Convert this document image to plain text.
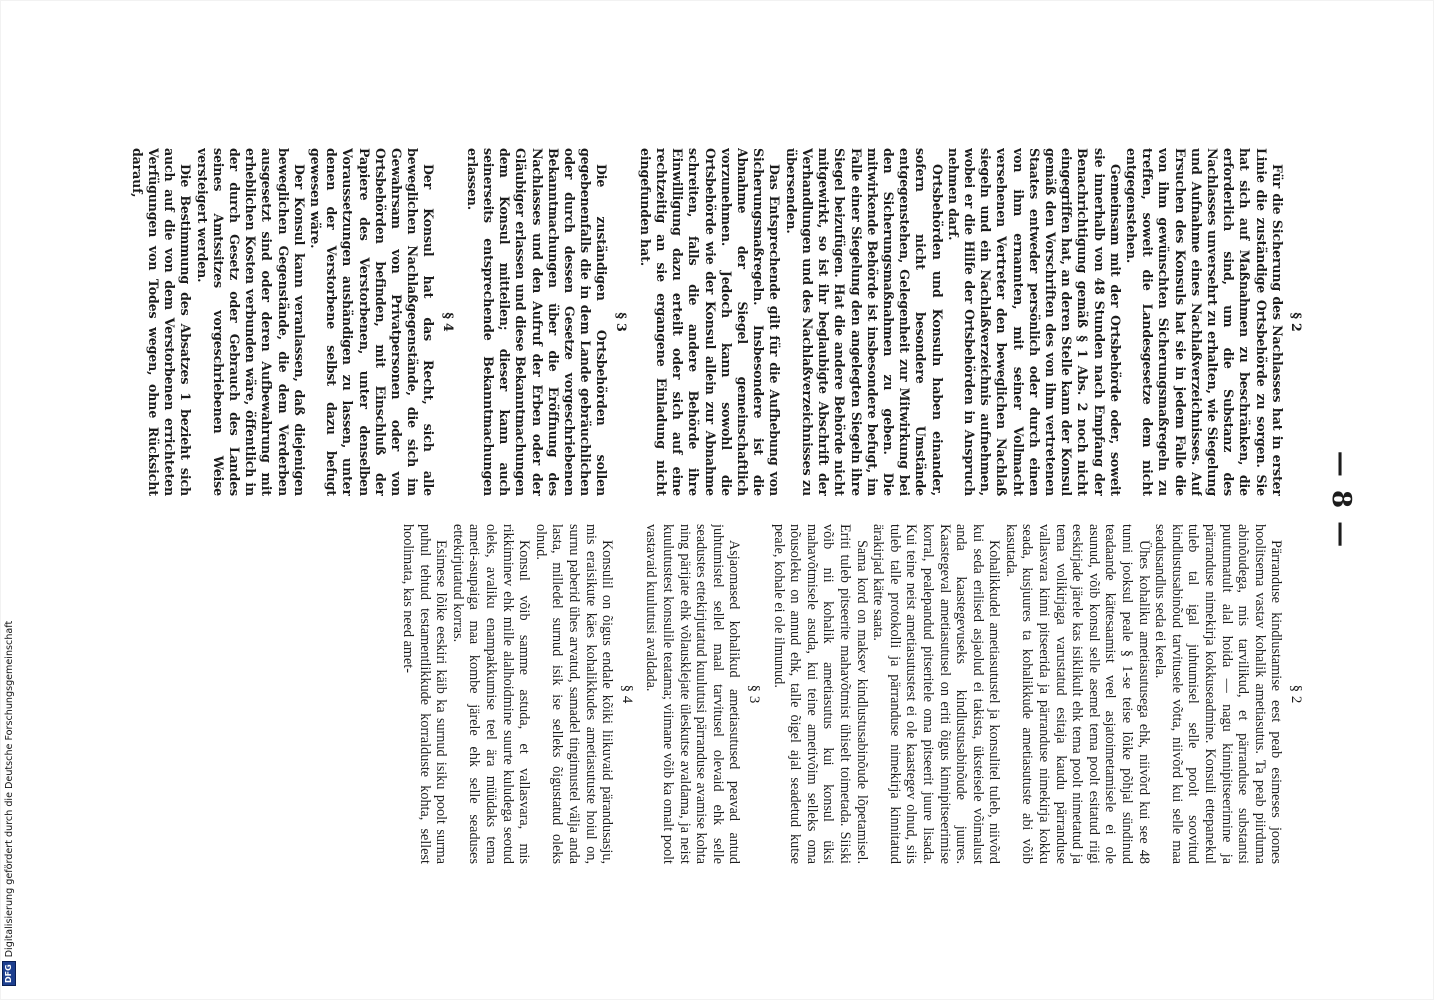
— 8 —
§ 2

Für die Sicherung des Nachlasses hat in erster Linie die zuständige Ortsbehörde zu sorgen. Sie hat sich auf Maßnahmen zu beschränken, die erforderlich sind, um die Substanz des Nachlasses unversehrt zu erhalten, wie Siegelung und Aufnahme eines Nachlaßverzeichnisses. Auf Ersuchen des Konsuls hat sie in jedem Falle die von ihm gewünschten Sicherungsmaßregeln zu treffen, soweit die Landesgesetze dem nicht entgegenstehen.

Gemeinsam mit der Ortsbehörde oder, soweit sie innerhalb von 48 Stunden nach Empfang der Benachrichtigung gemäß § 1 Abs. 2 noch nicht eingegriffen hat, an deren Stelle kann der Konsul gemäß den Vorschriften des von ihm vertretenen Staates entweder persönlich oder durch einen von ihm ernannten, mit seiner Vollmacht versehenen Vertreter den beweglichen Nachlaß siegeln und ein Nachlaßverzeichnis aufnehmen, wobei er die Hilfe der Ortsbehörden in Anspruch nehmen darf.

Ortsbehörden und Konsuln haben einander, sofern nicht besondere Umstände entgegenstehen, Gelegenheit zur Mitwirkung bei den Sicherungsmaßnahmen zu geben. Die mitwirkende Behörde ist insbesondere befugt, im Falle einer Siegelung den angelegten Siegeln ihre Siegel beizufügen. Hat die andere Behörde nicht mitgewirkt, so ist ihr beglaubigte Abschrift der Verhandlungen und des Nachlaßverzeichnisses zu übersenden.

Das Entsprechende gilt für die Aufhebung von Sicherungsmaßregeln. Insbesondere ist die Abnahme der Siegel gemeinschaftlich vorzunehmen. Jedoch kann sowohl die Ortsbehörde wie der Konsul allein zur Abnahme schreiten, falls die andere Behörde ihre Einwilligung dazu erteilt oder sich auf eine rechtzeitig an sie ergangene Einladung nicht eingefunden hat.

§ 3

Die zuständigen Ortsbehörden sollen gegebenenfalls die in dem Lande gebräuchlichen oder durch dessen Gesetze vorgeschriebenen Bekanntmachungen über die Eröffnung des Nachlasses und den Aufruf der Erben oder der Gläubiger erlassen und diese Bekanntmachungen dem Konsul mitteilen; dieser kann auch seinerseits entsprechende Bekanntmachungen erlassen.

§ 4

Der Konsul hat das Recht, sich alle beweglichen Nachlaßgegenstände, die sich im Gewahrsam von Privatpersonen oder von Ortsbehörden befinden, mit Einschluß der Papiere des Verstorbenen, unter denselben Voraussetzungen aushändigen zu lassen, unter denen der Verstorbene selbst dazu befugt gewesen wäre.

Der Konsul kann veranlassen, daß diejenigen beweglichen Gegenstände, die dem Verderben ausgesetzt sind oder deren Aufbewahrung mit erheblichen Kosten verbunden wäre, öffentlich in der durch Gesetz oder Gebrauch des Landes seines Amtssitzes vorgeschriebenen Weise versteigert werden.

Die Bestimmung des Absatzes 1 bezieht sich auch auf die von dem Verstorbenen errichteten Verfügungen von Todes wegen, ohne Rücksicht darauf,

§ 2

Pärranduse kindlustamise eest peab esimeses joones hoolitsema vastav kohalik ametiasutus. Ta peab piirduma abinõudega, mis tarvilikud, et pärranduse substantsi puutumatult alal hoida — nagu kinnipitseerimine ja pärranduse nimekirja kokkuseadmine. Konsuli ettepanekul tuleb tal igal juhtumisel selle poolt soovitud kindlustusabinõud tarvitusele võtta, niivõrd kui selle maa seadusandlus seda ei keela.

Ühes kohaliku ametiasutusega ehk, niivõrd kui see 48 tunni jooksul peale § 1-se teise lõike põhjal sündinud teadaande kättesaamist veel asjatoimetamisele ei ole asunud, võib konsul selle asemel tema poolt esitatud riigi eeskirjade järele kas isiklikult ehk tema poolt nimetatud ja tema volikirjaga varustatud esitaja kaudu pärranduse vallasvara kinni pitseerida ja pärranduse nimekirja kokku seada, kusjuures ta kohalikkude ametiasutuste abi võib kasutada.

Kohalikkudel ametiasutustel ja konsulitel tuleb, niivõrd kui seda erilised asjaolud ei takista, üksteisele võimalust anda kaastegevuseks kindlustusabinõude juures. Kaastegeval ametiasutusel on eriti õigus kinnipitseerimise korral, pealepandud pitseritele oma pitseerit juure lisada. Kui teine neist ametiasutustest ei ole kaastegev olnud, siis tuleb talle protokolli ja pärranduse nimekirja kinnitatud ärakirjad kätte saata.

Sama kord on maksev kindlustusabinõude lõpetamisel. Eriti tuleb pitseerite mahavõtmist ühiselt toimetada. Siiski võib nii kohalik ametiasutus kui konsul üksi mahavõtmisele asuda, kui teine ametivõim selleks oma nõusoleku on annud ehk, talle õigel ajal seadetud kutse peale, kohale ei ole ilmunud.

§ 3

Asjaomased kohalikud ametiasutused peavad antud juhtumistel sellel maal tarvitusel olevaid ehk selle seadustes ettekirjutatud kuulutusi pärranduse avamise kohta ning pärijate ehk võlausklejate üleskutse avaldama, ja neist kuulutustest konsulile teatama; viimane võib ka omalt poolt vastavaid kuulutusi avaldada.

§ 4

Konsulil on õigus endale kõiki liikuvaid pärandusasju, mis eraisikute käes kohalikkudes ametiasutuste hoiul on, surnu paberid ühes arvatud, samadel tingimustel välja anda lasta, milledel surnud isik ise selleks õigustatud oleks olnud.

Konsul võib samme astuda, et vallasvara, mis rikkiminev ehk mille alalhoidmine suurte kuludega seotud oleks, avaliku enampakkumise teel ära müüdaks tema ameti-asupaiga maa kombe järele ehk selle seaduses ettekirjutatud korras.

Esimese lõike eeskiri käib ka surnud isiku poolt surma puhul tehtud testamentlikkude korralduste kohta, sellest hoolimata, kas need amet-

DFGDigitalisierung gefördert durch die Deutsche Forschungsgemeinschaft
